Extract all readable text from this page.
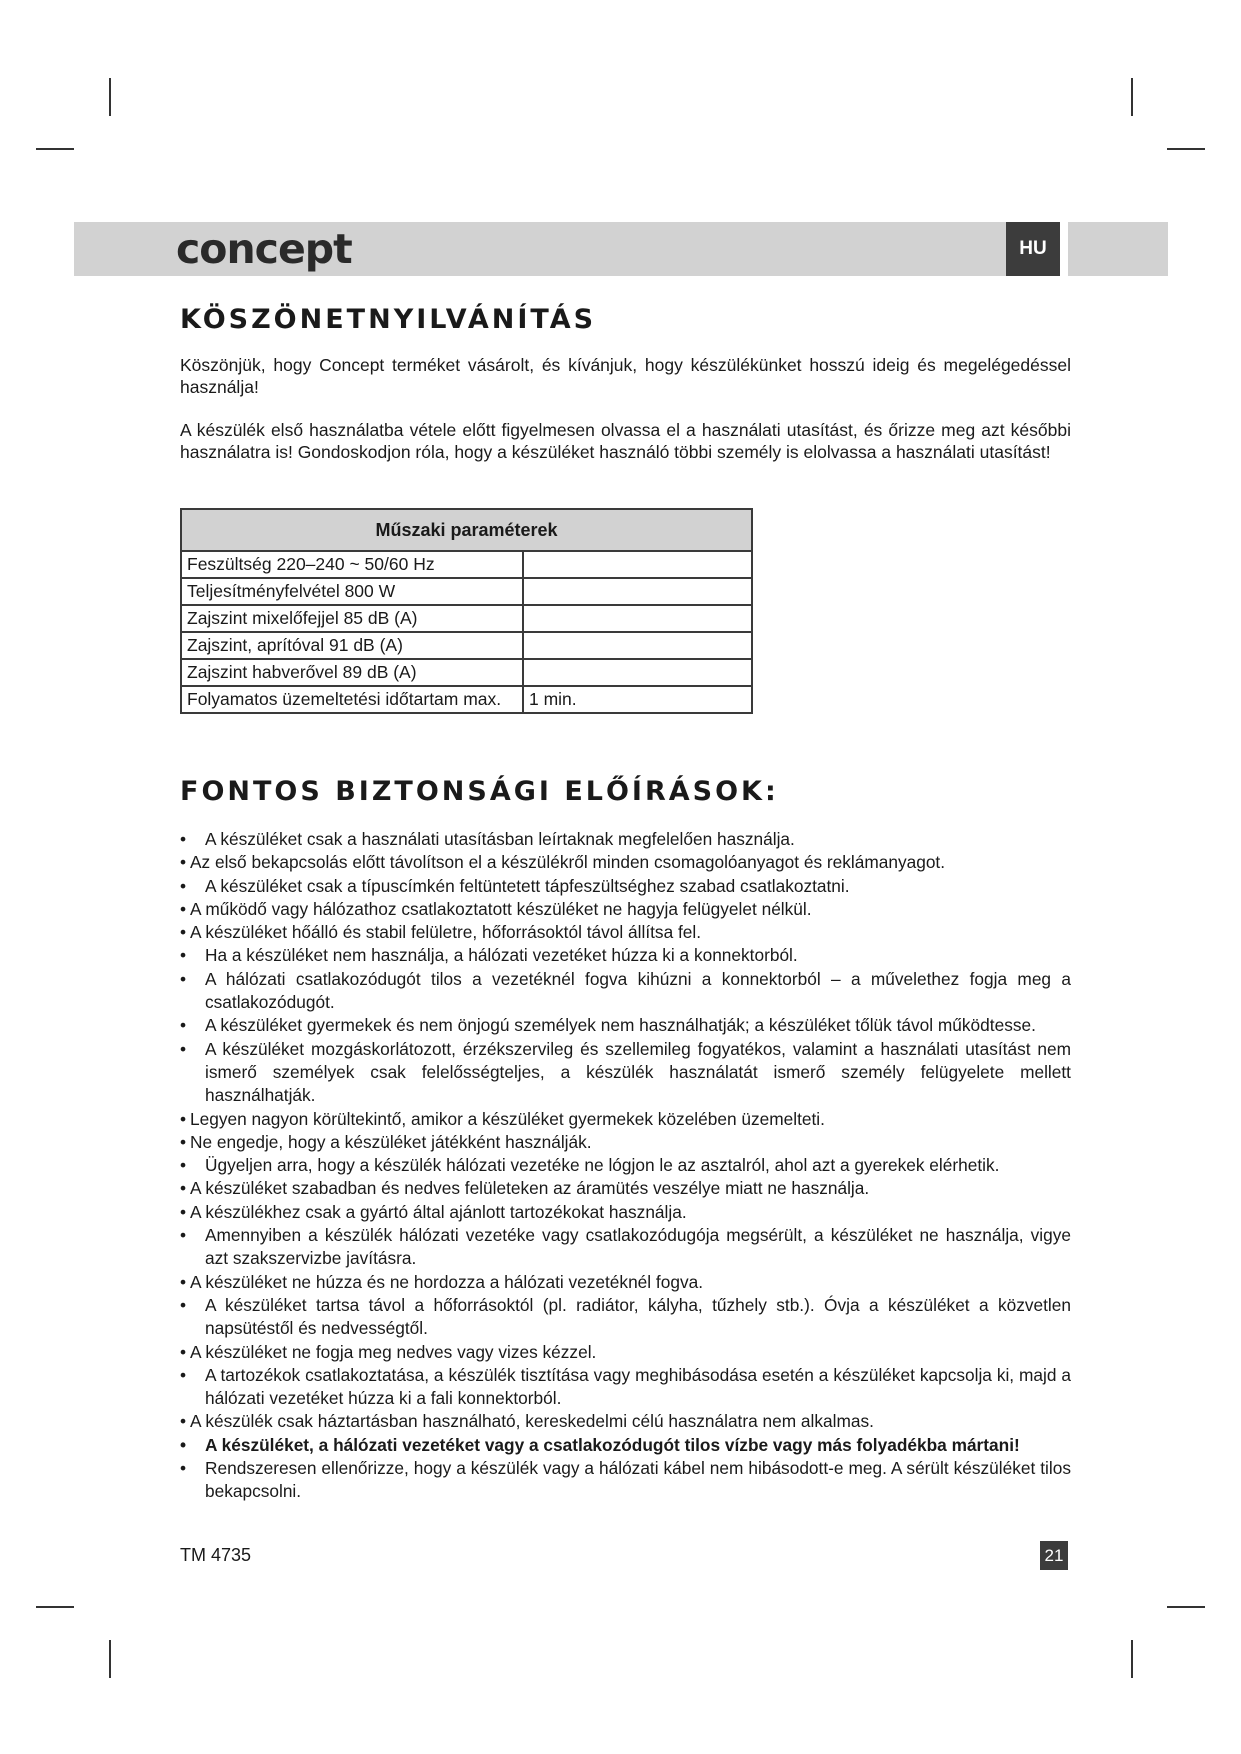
concept	HU
KÖSZÖNETNYILVÁNÍTÁS

Köszönjük, hogy Concept terméket vásárolt, és kívánjuk, hogy készülékünket hosszú ideig és megelégedéssel használja!

A készülék első használatba vétele előtt figyelmesen olvassa el a használati utasítást, és őrizze meg azt későbbi használatra is! Gondoskodjon róla, hogy a készüléket használó többi személy is elolvassa a használati utasítást!

Műszaki paraméterek	
Feszültség 220–240 ~ 50/60 Hz	
Teljesítményfelvétel 800 W	
Zajszint mixelőfejjel 85 dB (A)	
Zajszint, aprítóval 91 dB (A)	
Zajszint habverővel 89 dB (A)	
Folyamatos üzemeltetési időtartam max.	1 min.
FONTOS BIZTONSÁGI ELŐÍRÁSOK:
• A készüléket csak a használati utasításban leírtaknak megfelelően használja.
• Az első bekapcsolás előtt távolítson el a készülékről minden csomagolóanyagot és reklámanyagot.
• A készüléket csak a típuscímkén feltüntetett tápfeszültséghez szabad csatlakoztatni.
• A működő vagy hálózathoz csatlakoztatott készüléket ne hagyja felügyelet nélkül.
• A készüléket hőálló és stabil felületre, hőforrásoktól távol állítsa fel.
• Ha a készüléket nem használja, a hálózati vezetéket húzza ki a konnektorból.
• A hálózati csatlakozódugót tilos a vezetéknél fogva kihúzni a konnektorból – a művelethez fogja meg a csatlakozódugót.
• A készüléket gyermekek és nem önjogú személyek nem használhatják; a készüléket tőlük távol működtesse.
• A készüléket mozgáskorlátozott, érzékszervileg és szellemileg fogyatékos, valamint a használati utasítást nem ismerő személyek csak felelősségteljes, a készülék használatát ismerő személy felügyelete mellett használhatják.
• Legyen nagyon körültekintő, amikor a készüléket gyermekek közelében üzemelteti.
• Ne engedje, hogy a készüléket játékként használják.
• Ügyeljen arra, hogy a készülék hálózati vezetéke ne lógjon le az asztalról, ahol azt a gyerekek elérhetik.
• A készüléket szabadban és nedves felületeken az áramütés veszélye miatt ne használja.
• A készülékhez csak a gyártó által ajánlott tartozékokat használja.
• Amennyiben a készülék hálózati vezetéke vagy csatlakozódugója megsérült, a készüléket ne használja, vigye azt szakszervizbe javításra.
• A készüléket ne húzza és ne hordozza a hálózati vezetéknél fogva.
• A készüléket tartsa távol a hőforrásoktól (pl. radiátor, kályha, tűzhely stb.). Óvja a készüléket a közvetlen napsütéstől és nedvességtől.
• A készüléket ne fogja meg nedves vagy vizes kézzel.
• A tartozékok csatlakoztatása, a készülék tisztítása vagy meghibásodása esetén a készüléket kapcsolja ki, majd a hálózati vezetéket húzza ki a fali konnektorból.
• A készülék csak háztartásban használható, kereskedelmi célú használatra nem alkalmas.
• A készüléket, a hálózati vezetéket vagy a csatlakozódugót tilos vízbe vagy más folyadékba mártani!
• Rendszeresen ellenőrizze, hogy a készülék vagy a hálózati kábel nem hibásodott-e meg. A sérült készüléket tilos bekapcsolni.
TM 4735	21
